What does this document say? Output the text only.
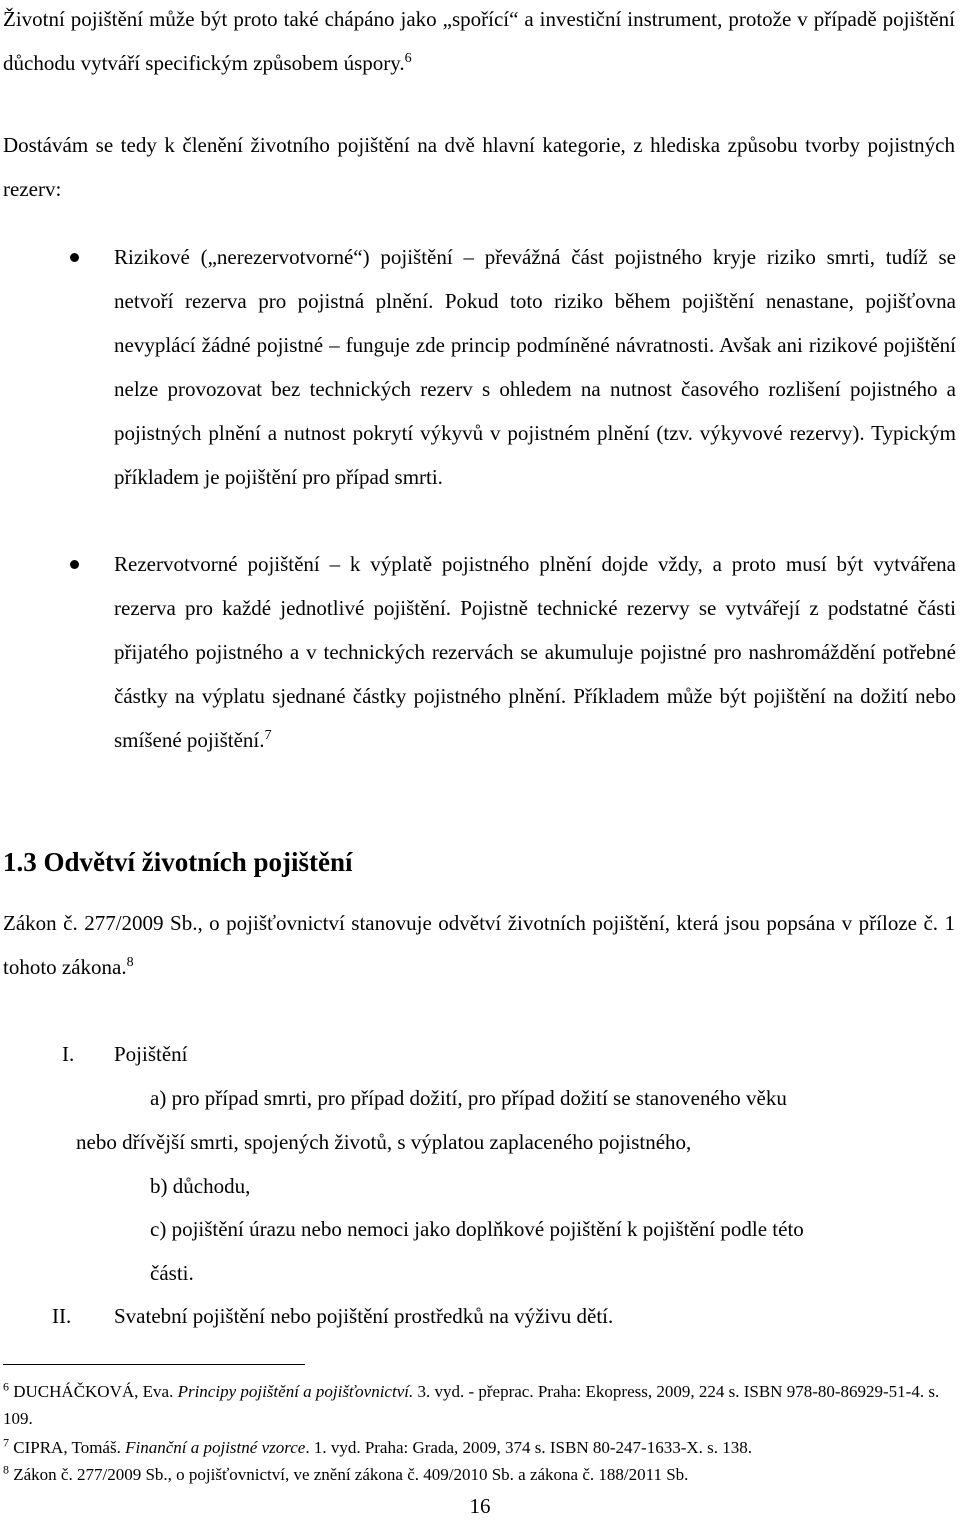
Životní pojištění může být proto také chápáno jako „spořící“ a investiční instrument, protože v případě pojištění důchodu vytváří specifickým způsobem úspory.$^6$

Dostávám se tedy k členění životního pojištění na dvě hlavní kategorie, z hlediska způsobu tvorby pojistných rezerv:

Rizikové („nerezervotvorné“) pojištění – převážná část pojistného kryje riziko smrti, tudíž se netvoří rezerva pro pojistná plnění. Pokud toto riziko během pojištění nenastane, pojišťovna nevyplácí žádné pojistné – funguje zde princip podmíněné návratnosti. Avšak ani rizikové pojištění nelze provozovat bez technických rezerv s ohledem na nutnost časového rozlišení pojistného a pojistných plnění a nutnost pokrytí výkyvů v pojistném plnění (tzv. výkyvové rezervy). Typickým příkladem je pojištění pro případ smrti.

Rezervotvorné pojištění – k výplatě pojistného plnění dojde vždy, a proto musí být vytvářena rezerva pro každé jednotlivé pojištění. Pojistně technické rezervy se vytvářejí z podstatné části přijatého pojistného a v technických rezervách se akumuluje pojistné pro nashromáždění potřebné částky na výplatu sjednané částky pojistného plnění. Příkladem může být pojištění na dožití nebo smíšené pojištění.$^7$

1.3 Odvětví životních pojištění

Zákon č. 277/2009 Sb., o pojišťovnictví stanovuje odvětví životních pojištění, která jsou popsána v příloze č. 1 tohoto zákona.$^8$

I. Pojištění

a) pro případ smrti, pro případ dožití, pro případ dožití se stanoveného věku

nebo dřívější smrti, spojených životů, s výplatou zaplaceného pojistného,

b) důchodu,

c) pojištění úrazu nebo nemoci jako doplňkové pojištění k pojištění podle této

části.

II. Svatební pojištění nebo pojištění prostředků na výživu dětí.

$^6$ DUCHÁČKOVÁ, Eva. Principy pojištění a pojišťovnictví. 3. vyd. - přeprac. Praha: Ekopress, 2009, 224 s. ISBN 978-80-86929-51-4. s. 109.

$^7$ CIPRA, Tomáš. Finanční a pojistné vzorce. 1. vyd. Praha: Grada, 2009, 374 s. ISBN 80-247-1633-X. s. 138.

$^8$ Zákon č. 277/2009 Sb., o pojišťovnictví, ve znění zákona č. 409/2010 Sb. a zákona č. 188/2011 Sb.

16
